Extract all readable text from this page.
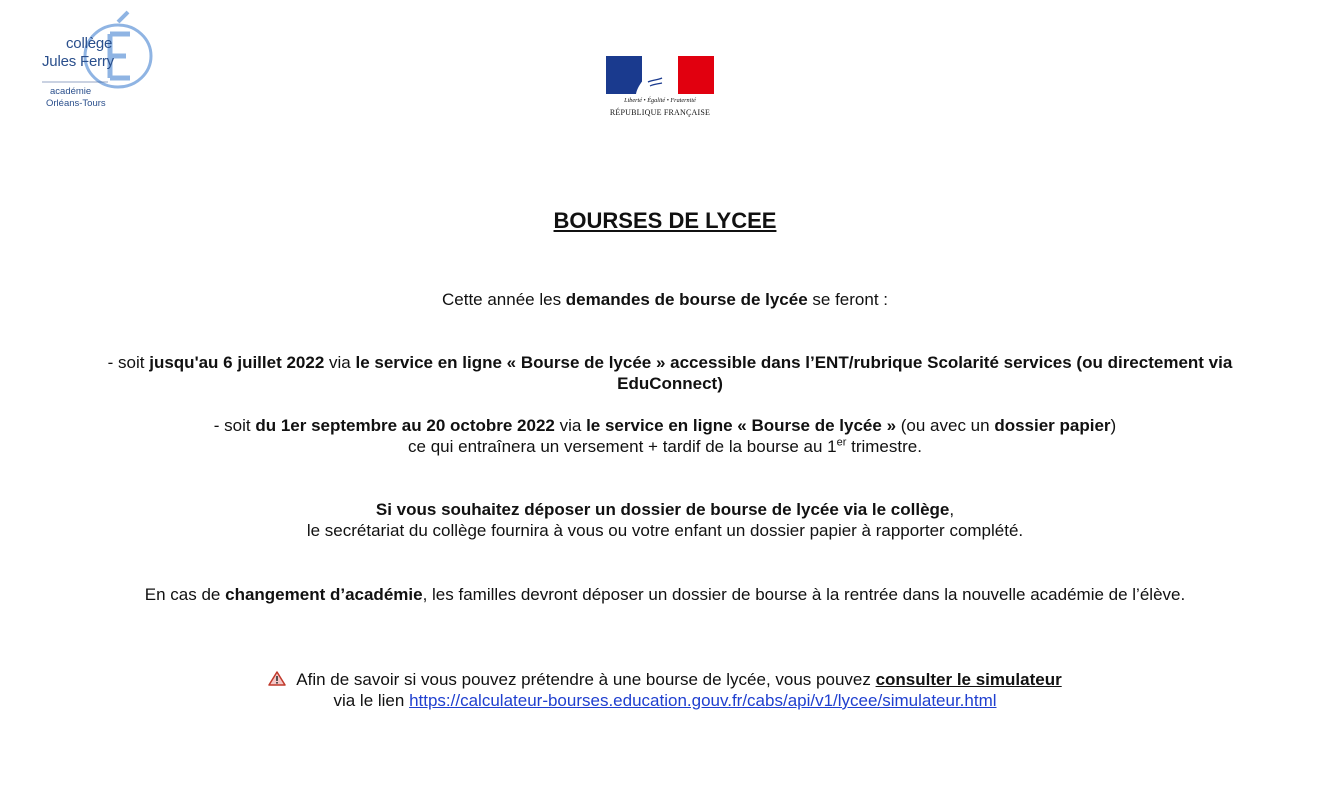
collège
Jules Ferry
académie
Orléans-Tours	Liberté • Égalité • Fraternité
RÉPUBLIQUE FRANÇAISE
BOURSES DE LYCEE
Cette année les demandes de bourse de lycée se feront :
- soit jusqu'au 6 juillet 2022 via le service en ligne « Bourse de lycée » accessible dans l’ENT/rubrique Scolarité services (ou directement via EduConnect)
- soit du 1er septembre au 20 octobre 2022 via le service en ligne « Bourse de lycée » (ou avec un dossier papier)
ce qui entraînera un versement + tardif de la bourse au 1er trimestre.
Si vous souhaitez déposer un dossier de bourse de lycée via le collège,
le secrétariat du collège fournira à vous ou votre enfant un dossier papier à rapporter complété.
En cas de changement d’académie, les familles devront déposer un dossier de bourse à la rentrée dans la nouvelle académie de l’élève.
Afin de savoir si vous pouvez prétendre à une bourse de lycée, vous pouvez consulter le simulateur
via le lien https://calculateur-bourses.education.gouv.fr/cabs/api/v1/lycee/simulateur.html
